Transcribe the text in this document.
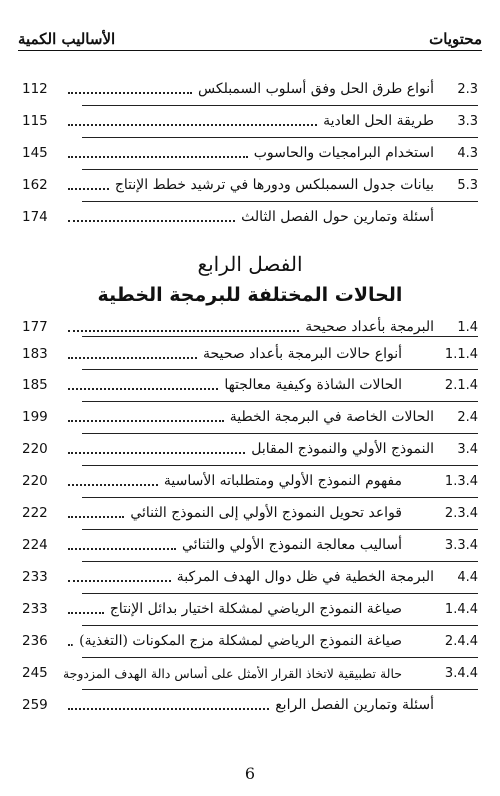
الأساليب الكمية	محتويات
112	أنواع طرق الحل وفق أسلوب السمبلكس	2.3
115	طريقة الحل العادية	3.3
145	استخدام البرامجيات والحاسوب	4.3
162	بيانات جدول السمبلكس ودورها في ترشيد خطط الإنتاج	5.3
174	أسئلة وتمارين حول الفصل الثالث
الفصل الرابع
الحالات المختلفة للبرمجة الخطية
177	البرمجة بأعداد صحيحة	1.4
183	أنواع حالات البرمجة بأعداد صحيحة	1.1.4
185	الحالات الشاذة وكيفية معالجتها	2.1.4
199	الحالات الخاصة في البرمجة الخطية	2.4
220	النموذج الأولي والنموذج المقابل	3.4
220	مفهوم النموذج الأولي ومتطلباته الأساسية	1.3.4
222	قواعد تحويل النموذج الأولي إلى النموذج الثنائي	2.3.4
224	أساليب معالجة النموذج الأولي والثنائي	3.3.4
233	البرمجة الخطية في ظل دوال الهدف المركبة	4.4
233	صياغة النموذج الرياضي لمشكلة اختيار بدائل الإنتاج	1.4.4
236	صياغة النموذج الرياضي لمشكلة مزج المكونات (التغذية)	2.4.4
245	حالة تطبيقية لاتخاذ القرار الأمثل على أساس دالة الهدف المزدوجة	3.4.4
259	أسئلة وتمارين الفصل الرابع
6
